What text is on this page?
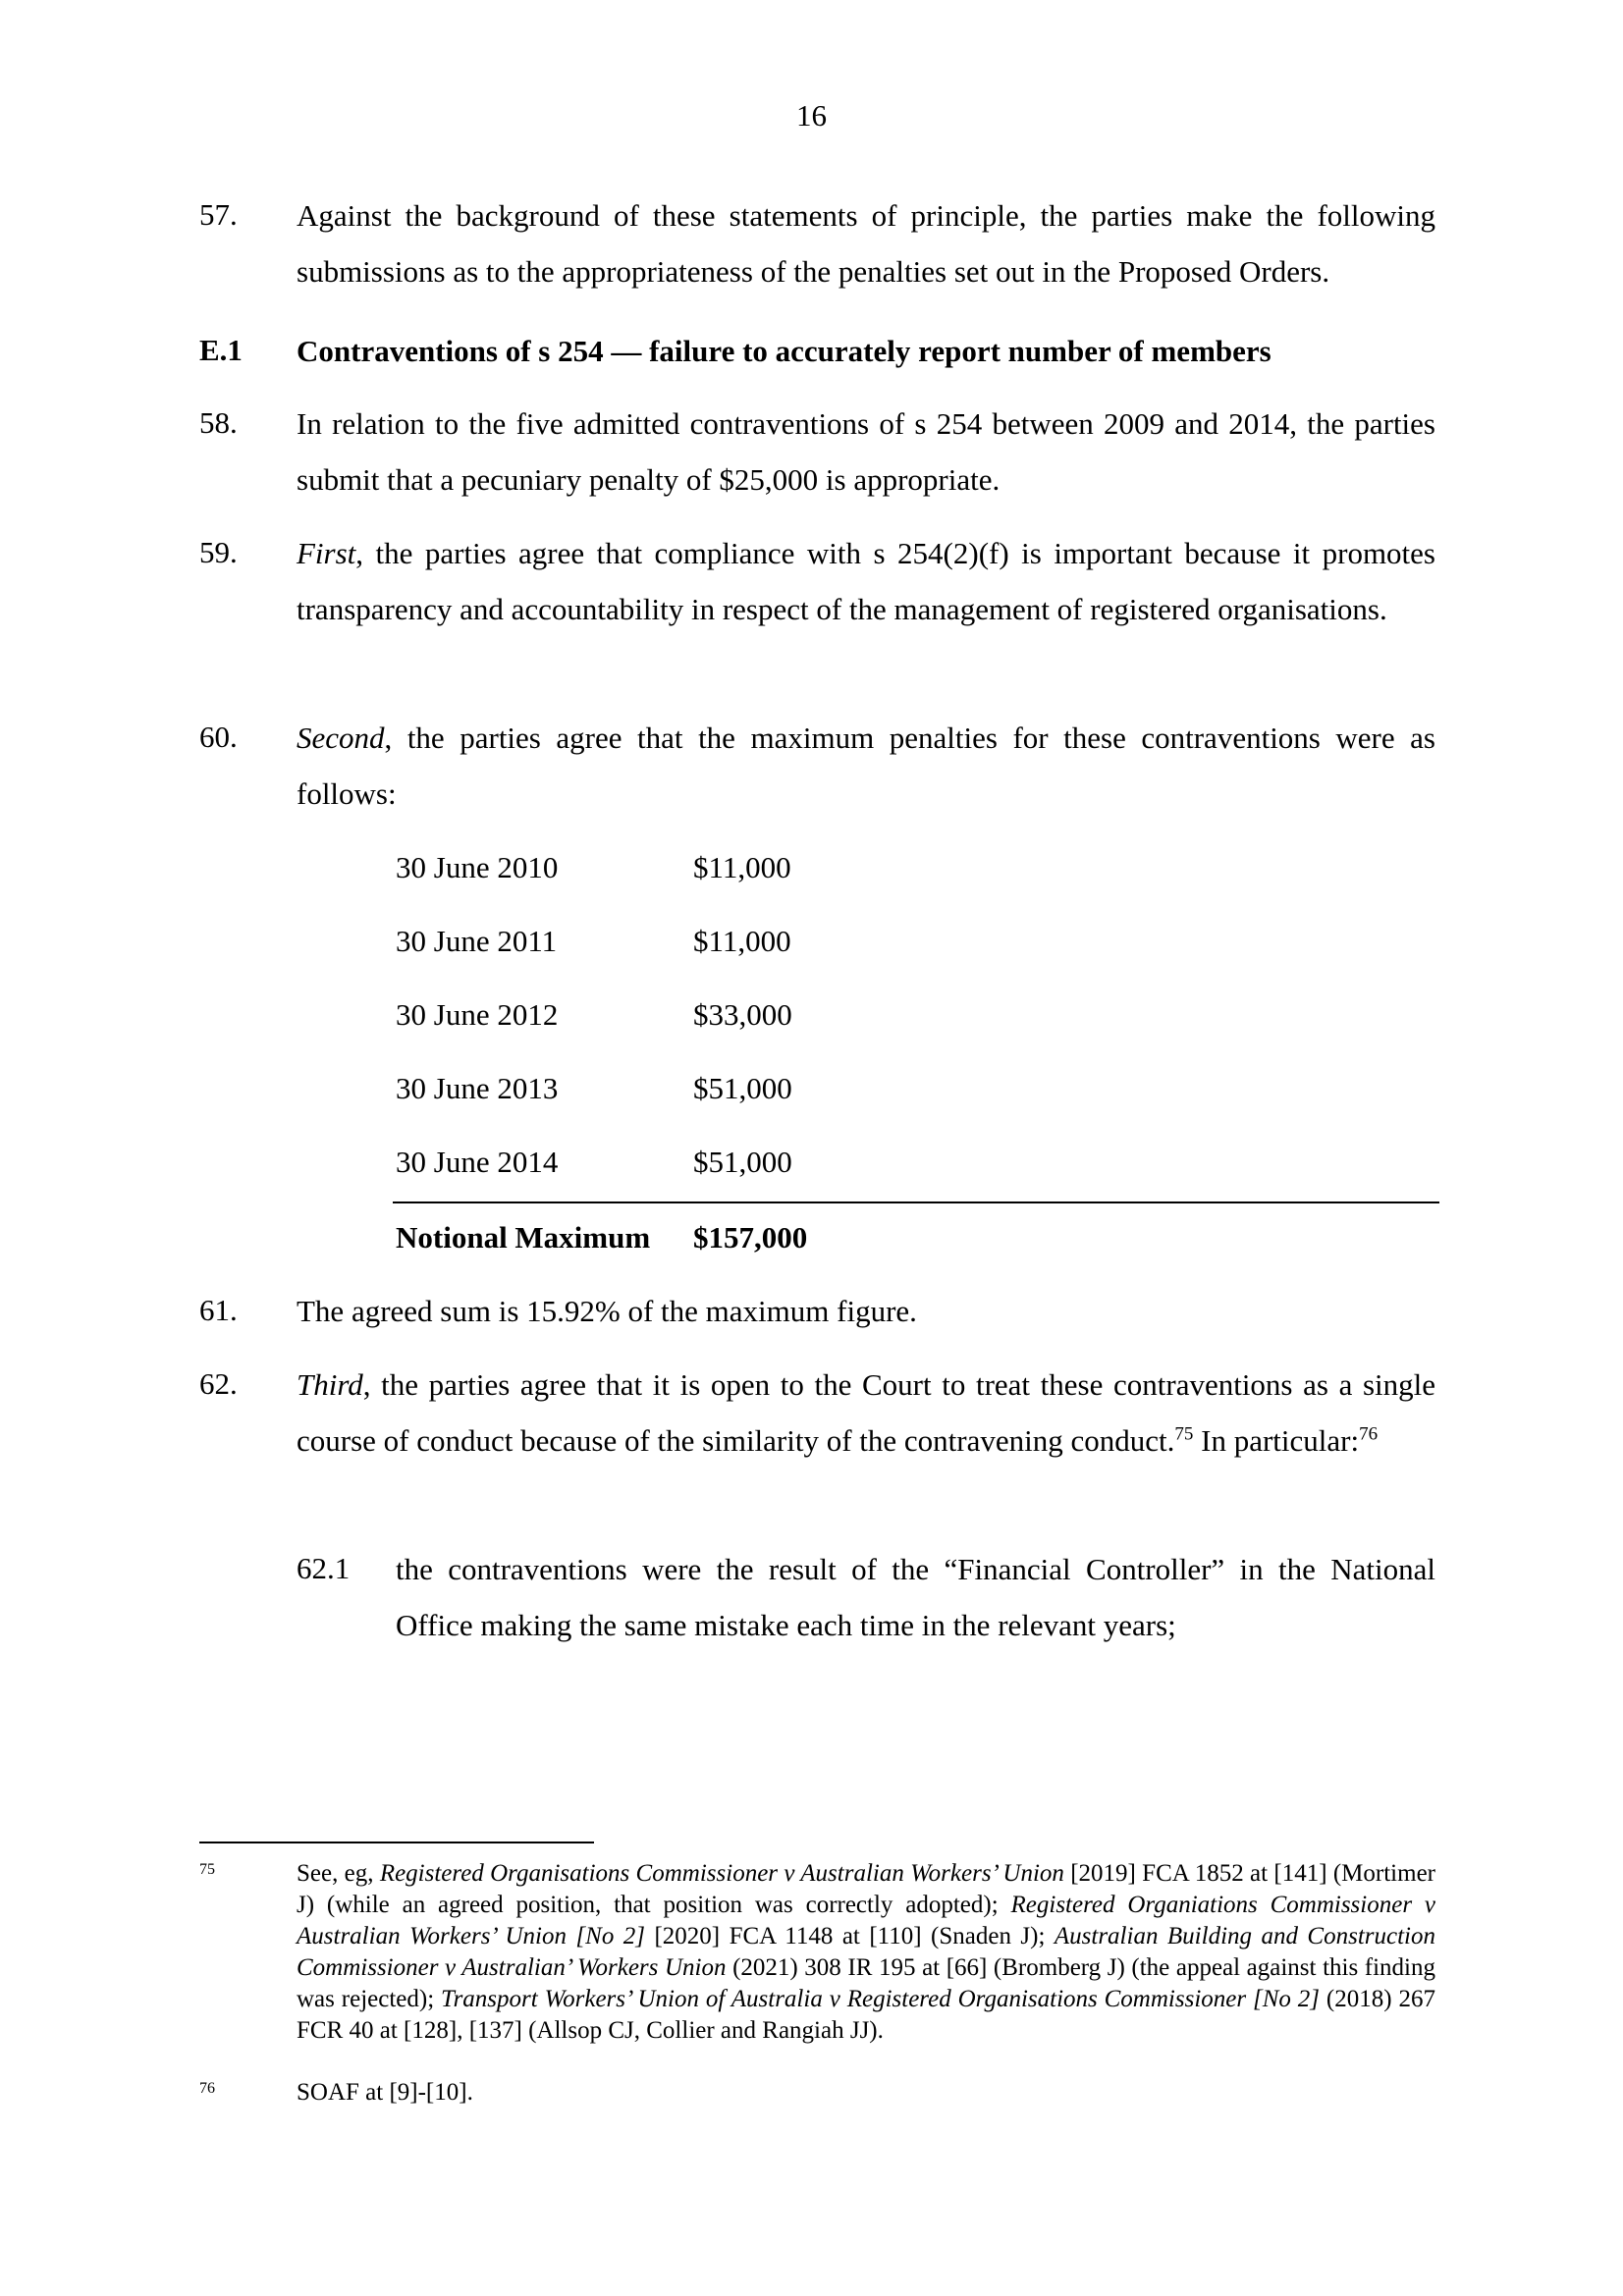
16
57. Against the background of these statements of principle, the parties make the following submissions as to the appropriateness of the penalties set out in the Proposed Orders.
E.1 Contraventions of s 254 — failure to accurately report number of members
58. In relation to the five admitted contraventions of s 254 between 2009 and 2014, the parties submit that a pecuniary penalty of $25,000 is appropriate.
59. First, the parties agree that compliance with s 254(2)(f) is important because it promotes transparency and accountability in respect of the management of registered organisations.
60. Second, the parties agree that the maximum penalties for these contraventions were as follows:
30 June 2010	$11,000
30 June 2011	$11,000
30 June 2012	$33,000
30 June 2013	$51,000
30 June 2014	$51,000
Notional Maximum $157,000
61. The agreed sum is 15.92% of the maximum figure.
62. Third, the parties agree that it is open to the Court to treat these contraventions as a single course of conduct because of the similarity of the contravening conduct.$^{75}$ In particular:$^{76}$
62.1 the contraventions were the result of the “Financial Controller” in the National Office making the same mistake each time in the relevant years;
75	See, eg, Registered Organisations Commissioner v Australian Workers’ Union [2019] FCA 1852 at [141] (Mortimer J) (while an agreed position, that position was correctly adopted); Registered Organiations Commissioner v Australian Workers’ Union [No 2] [2020] FCA 1148 at [110] (Snaden J); Australian Building and Construction Commissioner v Australian’ Workers Union (2021) 308 IR 195 at [66] (Bromberg J) (the appeal against this finding was rejected); Transport Workers’ Union of Australia v Registered Organisations Commissioner [No 2] (2018) 267 FCR 40 at [128], [137] (Allsop CJ, Collier and Rangiah JJ).
76	SOAF at [9]-[10].
